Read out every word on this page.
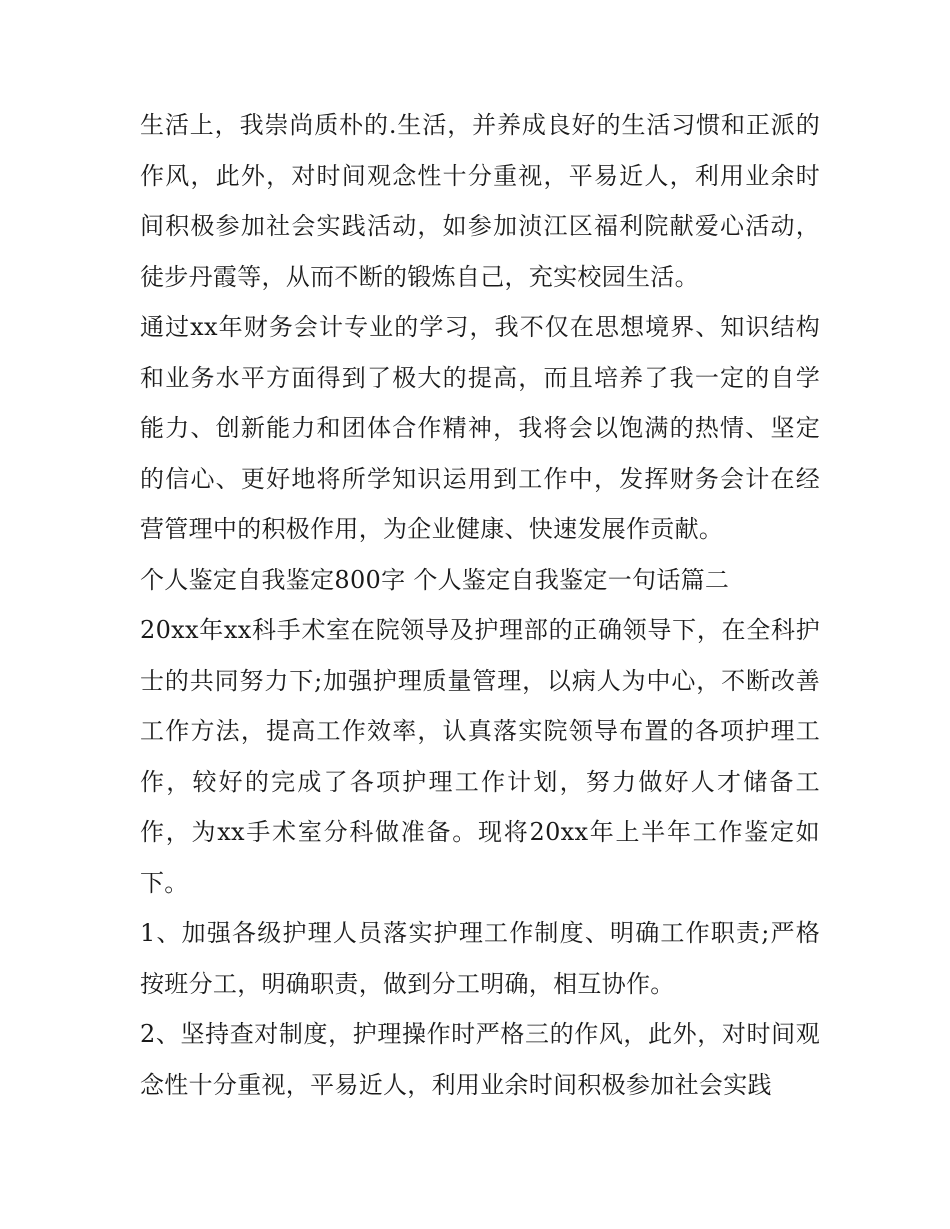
生活上，我崇尚质朴的.生活，并养成良好的生活习惯和正派的作风，此外，对时间观念性十分重视，平易近人，利用业余时间积极参加社会实践活动，如参加浈江区福利院献爱心活动，徒步丹霞等，从而不断的锻炼自己，充实校园生活。

通过xx年财务会计专业的学习，我不仅在思想境界、知识结构和业务水平方面得到了极大的提高，而且培养了我一定的自学能力、创新能力和团体合作精神，我将会以饱满的热情、坚定的信心、更好地将所学知识运用到工作中，发挥财务会计在经营管理中的积极作用，为企业健康、快速发展作贡献。

个人鉴定自我鉴定800字 个人鉴定自我鉴定一句话篇二

20xx年xx科手术室在院领导及护理部的正确领导下，在全科护士的共同努力下;加强护理质量管理，以病人为中心，不断改善工作方法，提高工作效率，认真落实院领导布置的各项护理工作，较好的完成了各项护理工作计划，努力做好人才储备工作，为xx手术室分科做准备。现将20xx年上半年工作鉴定如下。

1、加强各级护理人员落实护理工作制度、明确工作职责;严格按班分工，明确职责，做到分工明确，相互协作。

2、坚持查对制度，护理操作时严格三的作风，此外，对时间观念性十分重视，平易近人，利用业余时间积极参加社会实践
